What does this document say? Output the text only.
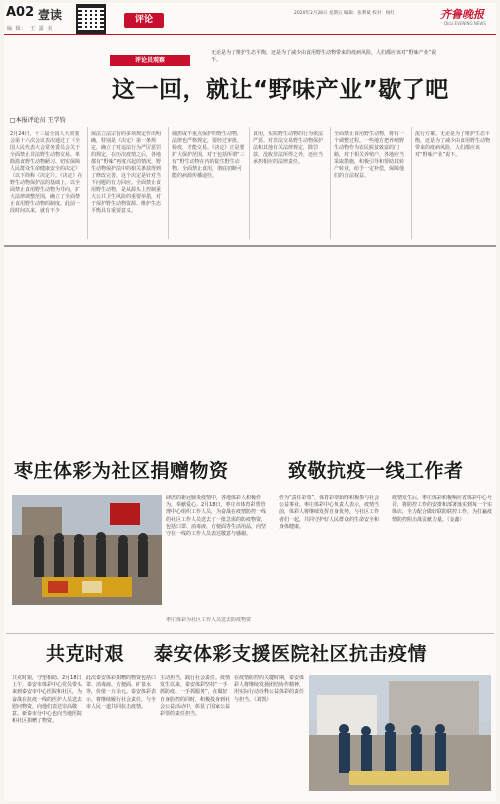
A02 壹读
编 辑： 王 露 美
评论
2020年2月28日 星期五 编辑：张利斌 校对：杨红	齐鲁晚报
QILU EVENING NEWS
评论员观察
无论是为了维护生态平衡，还是为了减少由食用野生动物带来的疫病风险，人们都应该对“野味产业”说不。
这一回，就让“野味产业”歇了吧
□本报评论员 王学钧
2月24日，十三届全国人大常委会第十六次会议表决通过了《全国人民代表大会常务委员会关于全面禁止非法野生动物交易、革除滥食野生动物陋习、切实保障人民群众生命健康安全的决定》（以下简称《决定》）。《决定》在野生动物保护法的基础上，以全面禁止食用野生动物为导向，扩大法律调整范围，确立了全面禁止食用野生动物的制度。此前一段时间以来，就有不少
保法立法宗旨的多项规定作出明确，特别是《决定》第一条规定，确立了对违法行为严厉惩罚的规定，在历次疫情之后，各地都有“野味”再度兴起的情况，野生动物保护法中的相关条款得到了修改完善，这个决定是针对当下问题的有力回应。全面禁止食用野生动物，是从源头上控制重大公共卫生风险的重要举措，对于保护野生动物资源、维护生态平衡具有重要意义。
捕捞或不重点保护的野生动物，法律也严格规定，要经过审批、检疫，才能交易。《决定》正是要扩大保护范围，对于包括所谓“三有”野生动物在内的陆生野生动物，全面禁止食用，彻底切断可能的病源传播途径。
食用，实质野生动物的行为依法严惩。对非法交易野生动物保护法和其他有关法律规定，除罚款、没收非法所得之外，还应当承担相应的法律责任。
全面禁止食用野生动物，将有一个调整过程。一些地方把养殖野生动物作为农民脱贫致富的门路，对于相关养殖户，各地应当采取措施，积极引导和帮助其转产转业，给予一定补偿，保障他们的合法权益。
流行方案。无论是为了维护生态平衡，还是为了减少由食用野生动物带来的疫病风险，人们都应该对“野味产业”说不。
枣庄体彩为社区捐赠物资	致敬抗疫一线工作者
肆虐的新冠肺炎疫情中，各地体彩人积极作为，奉献爱心。2月18日，枣庄市体育彩票管理中心组织工作人员，为奋战在疫情防控一线的社区工作人员送去了一批急需的防疫物资，包括口罩、消毒液、方便面等生活用品，向坚守在一线的工作人员表达敬意与感谢。
作为“责任彩票”，体育彩票始终积极参与社会公益事业。枣庄体彩中心负责人表示，疫情当前，体彩人将继续发挥自身优势，与社区工作者们一起，共同守护好人民群众的生命安全和身体健康。
疫情发生后，枣庄体彩积极响应省体彩中心号召，将防控工作的安排和部署落实到每一个实体店，全力配合做好联防联控工作，为打赢疫情防控阻击战贡献力量。（金鑫）
枣庄体彩为社区工作人员送去防疫物资
共克时艰 泰安体彩支援医院社区抗击疫情
共克时艰，守望相助。2月18日上午，泰安市体彩中心党员带头来到泰安市中心医院和社区，为奋战在抗疫一线的医护人员送去慰问物资，向他们表达崇高敬意。新泰市分中心也向当地医院和社区捐赠了物资。
此次泰安体彩捐赠的物资包括口罩、消毒液、方便面、矿泉水等，价值一万余元。泰安体彩表示，将继续履行社会责任，与全市人民一道共同抗击疫情。
主动担当，践行社会责任。疫情发生以来，泰安体彩坚持“一手抓防疫、一手抓服务”，在做好自身防控的同时，积极投身到社会公益活动中，彰显了国家公益彩票的责任担当。
在疫情防控的关键时期，泰安体彩人将继续发扬团结协作精神，用实际行动诠释公益体彩的责任与担当。（刘凯）
